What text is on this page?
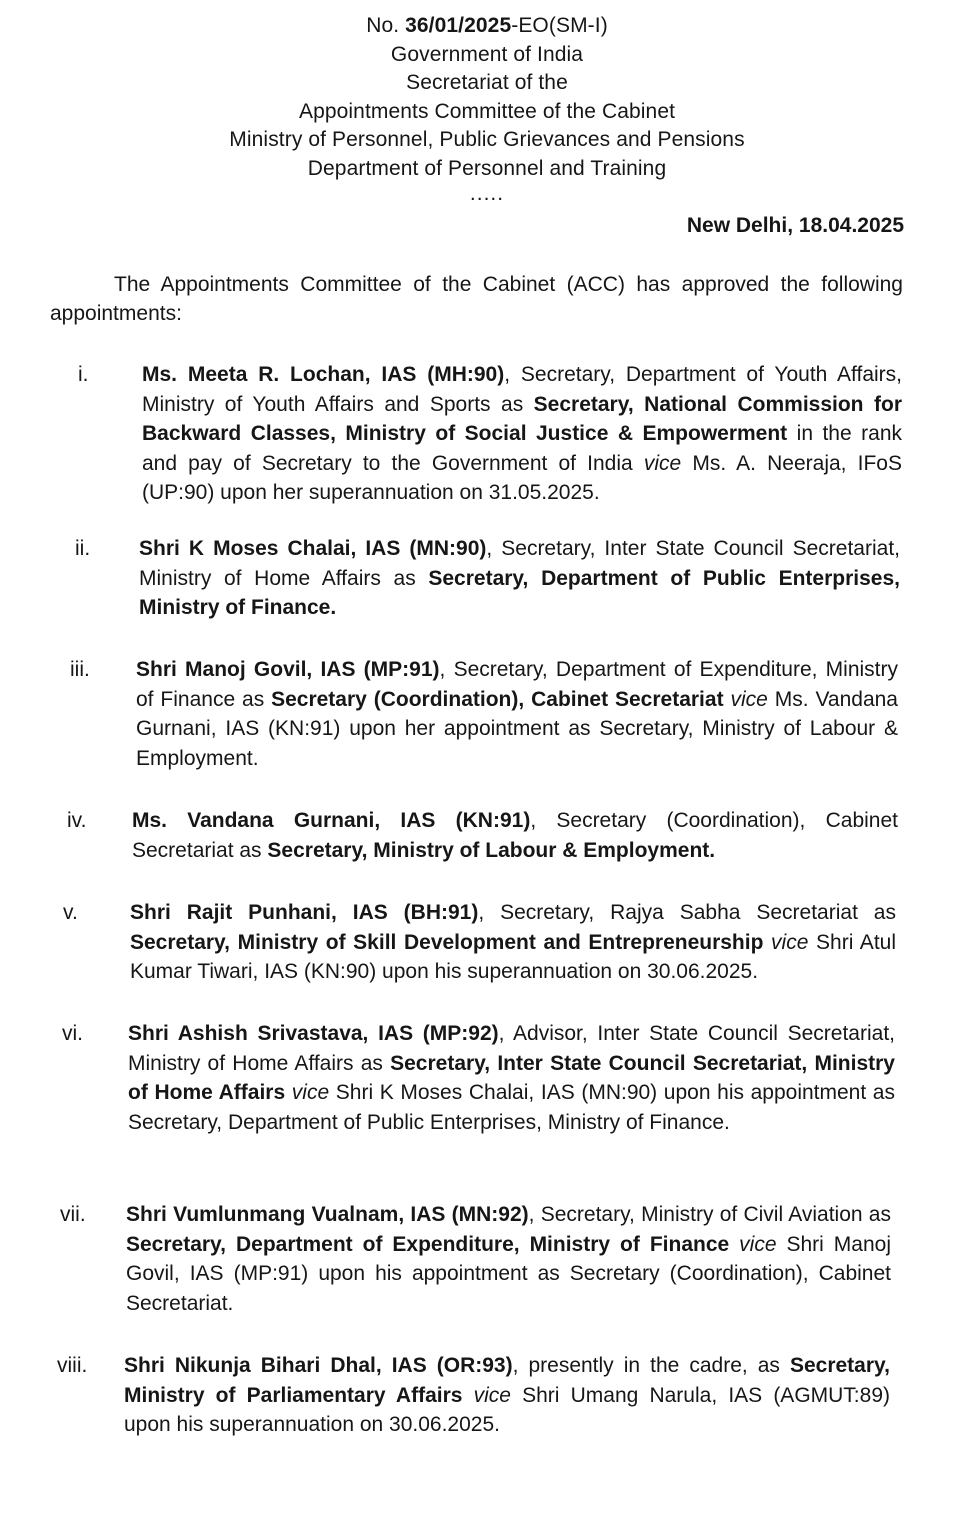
No. 36/01/2025-EO(SM-I)
Government of India
Secretariat of the
Appointments Committee of the Cabinet
Ministry of Personnel, Public Grievances and Pensions
Department of Personnel and Training
.....
New Delhi, 18.04.2025
The Appointments Committee of the Cabinet (ACC) has approved the following appointments:
i.	Ms. Meeta R. Lochan, IAS (MH:90), Secretary, Department of Youth Affairs, Ministry of Youth Affairs and Sports as Secretary, National Commission for Backward Classes, Ministry of Social Justice & Empowerment in the rank and pay of Secretary to the Government of India vice Ms. A. Neeraja, IFoS (UP:90) upon her superannuation on 31.05.2025.
ii. Shri K Moses Chalai, IAS (MN:90), Secretary, Inter State Council Secretariat, Ministry of Home Affairs as Secretary, Department of Public Enterprises, Ministry of Finance.
iii. Shri Manoj Govil, IAS (MP:91), Secretary, Department of Expenditure, Ministry of Finance as Secretary (Coordination), Cabinet Secretariat vice Ms. Vandana Gurnani, IAS (KN:91) upon her appointment as Secretary, Ministry of Labour & Employment.
iv. Ms. Vandana Gurnani, IAS (KN:91), Secretary (Coordination), Cabinet Secretariat as Secretary, Ministry of Labour & Employment.
v. Shri Rajit Punhani, IAS (BH:91), Secretary, Rajya Sabha Secretariat as Secretary, Ministry of Skill Development and Entrepreneurship vice Shri Atul Kumar Tiwari, IAS (KN:90) upon his superannuation on 30.06.2025.
vi. Shri Ashish Srivastava, IAS (MP:92), Advisor, Inter State Council Secretariat, Ministry of Home Affairs as Secretary, Inter State Council Secretariat, Ministry of Home Affairs vice Shri K Moses Chalai, IAS (MN:90) upon his appointment as Secretary, Department of Public Enterprises, Ministry of Finance.
vii. Shri Vumlunmang Vualnam, IAS (MN:92), Secretary, Ministry of Civil Aviation as Secretary, Department of Expenditure, Ministry of Finance vice Shri Manoj Govil, IAS (MP:91) upon his appointment as Secretary (Coordination), Cabinet Secretariat.
viii. Shri Nikunja Bihari Dhal, IAS (OR:93), presently in the cadre, as Secretary, Ministry of Parliamentary Affairs vice Shri Umang Narula, IAS (AGMUT:89) upon his superannuation on 30.06.2025.
